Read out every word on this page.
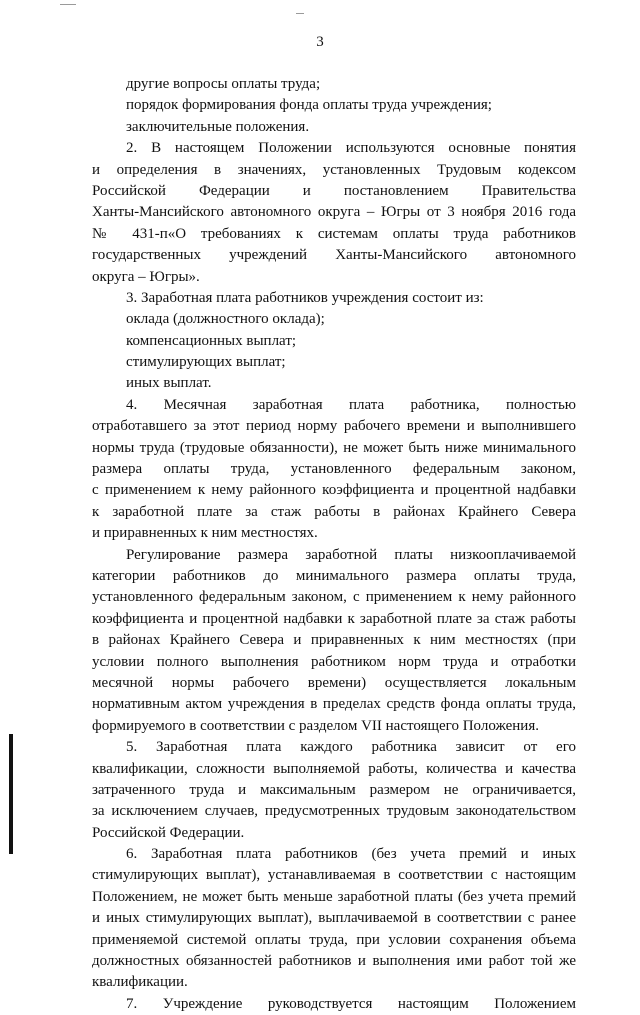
3
другие вопросы оплаты труда;
порядок формирования фонда оплаты труда учреждения;
заключительные положения.
2. В настоящем Положении используются основные понятия
и определения в значениях, установленных Трудовым кодексом
Российской Федерации и постановлением Правительства
Ханты-Мансийского автономного округа – Югры от 3 ноября 2016 года
№ 431-п«О требованиях к системам оплаты труда работников
государственных учреждений Ханты-Мансийского автономного
округа – Югры».
3. Заработная плата работников учреждения состоит из:
оклада (должностного оклада);
компенсационных выплат;
стимулирующих выплат;
иных выплат.
4. Месячная заработная плата работника, полностью
отработавшего за этот период норму рабочего времени и выполнившего
нормы труда (трудовые обязанности), не может быть ниже минимального
размера оплаты труда, установленного федеральным законом,
с применением к нему районного коэффициента и процентной надбавки
к заработной плате за стаж работы в районах Крайнего Севера
и приравненных к ним местностях.
Регулирование размера заработной платы низкооплачиваемой
категории работников до минимального размера оплаты труда,
установленного федеральным законом, с применением к нему районного
коэффициента и процентной надбавки к заработной плате за стаж работы
в районах Крайнего Севера и приравненных к ним местностях (при
условии полного выполнения работником норм труда и отработки
месячной нормы рабочего времени) осуществляется локальным
нормативным актом учреждения в пределах средств фонда оплаты труда,
формируемого в соответствии с разделом VII настоящего Положения.
5. Заработная плата каждого работника зависит от его
квалификации, сложности выполняемой работы, количества и качества
затраченного труда и максимальным размером не ограничивается,
за исключением случаев, предусмотренных трудовым законодательством
Российской Федерации.
6. Заработная плата работников (без учета премий и иных
стимулирующих выплат), устанавливаемая в соответствии с настоящим
Положением, не может быть меньше заработной платы (без учета премий
и иных стимулирующих выплат), выплачиваемой в соответствии с ранее
применяемой системой оплаты труда, при условии сохранения объема
должностных обязанностей работников и выполнения ими работ той же
квалификации.
7. Учреждение руководствуется настоящим Положением
